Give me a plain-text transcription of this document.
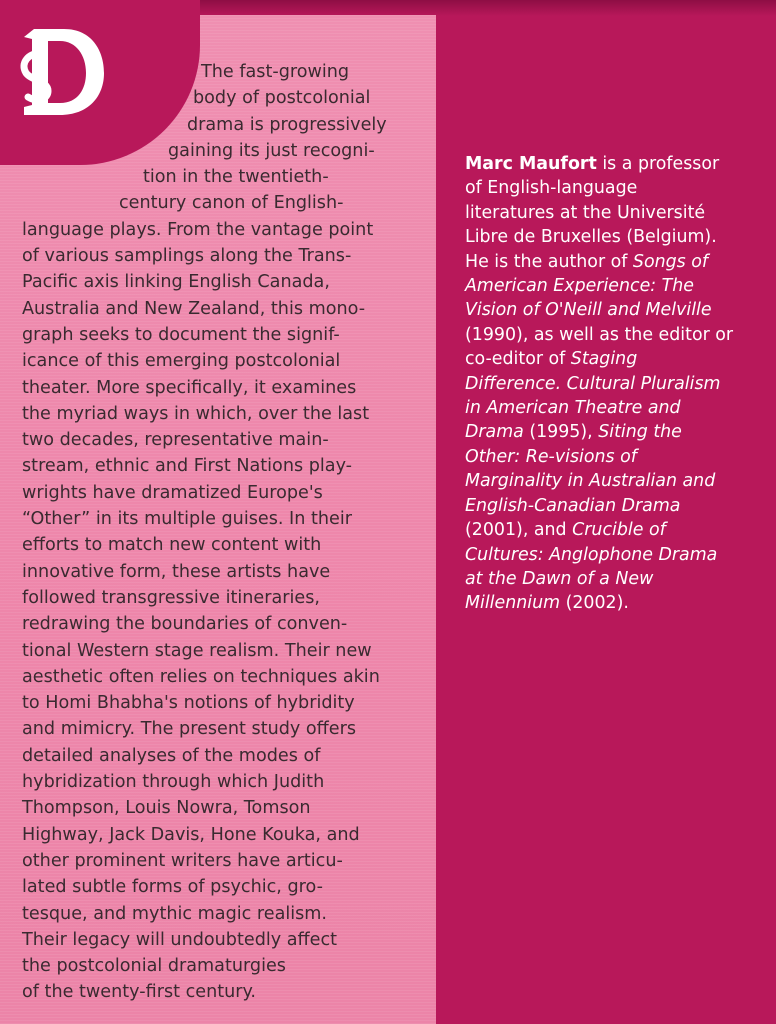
The fast-growing
body of postcolonial
drama is progressively
gaining its just recogni-
tion in the twentieth-
century canon of English-
language plays. From the vantage point
of various samplings along the Trans-
Pacific axis linking English Canada,
Australia and New Zealand, this mono-
graph seeks to document the signif-
icance of this emerging postcolonial
theater. More specifically, it examines
the myriad ways in which, over the last
two decades, representative main-
stream, ethnic and First Nations play-
wrights have dramatized Europe's
“Other” in its multiple guises. In their
efforts to match new content with
innovative form, these artists have
followed transgressive itineraries,
redrawing the boundaries of conven-
tional Western stage realism. Their new
aesthetic often relies on techniques akin
to Homi Bhabha's notions of hybridity
and mimicry. The present study offers
detailed analyses of the modes of
hybridization through which Judith
Thompson, Louis Nowra, Tomson
Highway, Jack Davis, Hone Kouka, and
other prominent writers have articu-
lated subtle forms of psychic, gro-
tesque, and mythic magic realism.
Their legacy will undoubtedly affect
the postcolonial dramaturgies
of the twenty-first century.

Marc Maufort is a professor
of English-language
literatures at the Université
Libre de Bruxelles (Belgium).
He is the author of Songs of
American Experience: The
Vision of O'Neill and Melville
(1990), as well as the editor or
co-editor of Staging
Difference. Cultural Pluralism
in American Theatre and
Drama (1995), Siting the
Other: Re-visions of
Marginality in Australian and
English-Canadian Drama
(2001), and Crucible of
Cultures: Anglophone Drama
at the Dawn of a New
Millennium (2002).
